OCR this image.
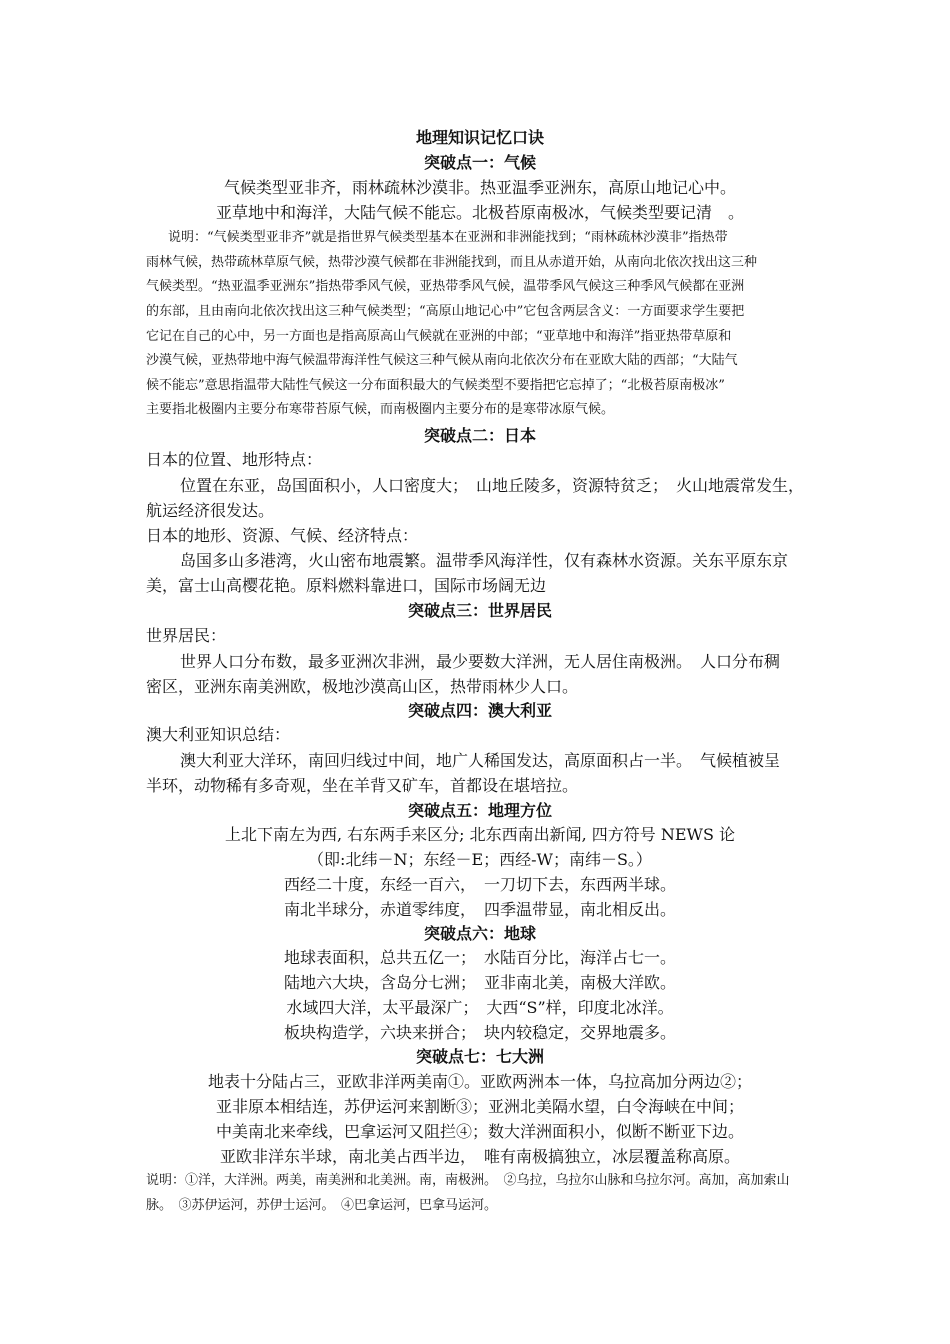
地理知识记忆口诀
突破点一：气候
气候类型亚非齐，雨林疏林沙漠非。热亚温季亚洲东，高原山地记心中。
亚草地中和海洋，大陆气候不能忘。北极苔原南极冰，气候类型要记清　。
说明：“气候类型亚非齐”就是指世界气候类型基本在亚洲和非洲能找到；“雨林疏林沙漠非”指热带
雨林气候，热带疏林草原气候，热带沙漠气候都在非洲能找到，而且从赤道开始，从南向北依次找出这三种
气候类型。“热亚温季亚洲东”指热带季风气候，亚热带季风气候，温带季风气候这三种季风气候都在亚洲
的东部，且由南向北依次找出这三种气候类型；“高原山地记心中”它包含两层含义：一方面要求学生要把
它记在自己的心中，另一方面也是指高原高山气候就在亚洲的中部；“亚草地中和海洋”指亚热带草原和
沙漠气候，亚热带地中海气候温带海洋性气候这三种气候从南向北依次分布在亚欧大陆的西部；“大陆气
候不能忘”意思指温带大陆性气候这一分布面积最大的气候类型不要指把它忘掉了；“北极苔原南极冰”
主要指北极圈内主要分布寒带苔原气候，而南极圈内主要分布的是寒带冰原气候。
突破点二：日本
日本的位置、地形特点：
位置在东亚，岛国面积小，人口密度大；　山地丘陵多，资源特贫乏；　火山地震常发生，
航运经济很发达。
日本的地形、资源、气候、经济特点：
岛国多山多港湾，火山密布地震繁。温带季风海洋性，仅有森林水资源。关东平原东京
美，富士山高樱花艳。原料燃料靠进口，国际市场阔无边
突破点三：世界居民
世界居民：
世界人口分布数，最多亚洲次非洲，最少要数大洋洲，无人居住南极洲。　人口分布稠
密区，亚洲东南美洲欧，极地沙漠高山区，热带雨林少人口。
突破点四：澳大利亚
澳大利亚知识总结：
澳大利亚大洋环，南回归线过中间，地广人稀国发达，高原面积占一半。　气候植被呈
半环，动物稀有多奇观，坐在羊背又矿车，首都设在堪培拉。
突破点五：地理方位
上北下南左为西, 右东两手来区分; 北东西南出新闻, 四方符号 NEWS 论
（即:北纬－N；东经－E；西经-W；南纬－S。）
西经二十度，东经一百六，　一刀切下去，东西两半球。
南北半球分，赤道零纬度，　四季温带显，南北相反出。
突破点六：地球
地球表面积，总共五亿一；　水陆百分比，海洋占七一。
陆地六大块，含岛分七洲；　亚非南北美，南极大洋欧。
水域四大洋，太平最深广；　大西“S”样，印度北冰洋。
板块构造学，六块来拼合；　块内较稳定，交界地震多。
突破点七：七大洲
地表十分陆占三，亚欧非洋两美南①。亚欧两洲本一体，乌拉高加分两边②；
亚非原本相结连，苏伊运河来割断③；亚洲北美隔水望，白令海峡在中间；
中美南北来牵线，巴拿运河又阻拦④；数大洋洲面积小，似断不断亚下边。
亚欧非洋东半球，南北美占西半边，　唯有南极搞独立，冰层覆盖称高原。
说明：①洋，大洋洲。两美，南美洲和北美洲。南，南极洲。　②乌拉，乌拉尔山脉和乌拉尔河。高加，高加索山
脉。　③苏伊运河，苏伊士运河。　④巴拿运河，巴拿马运河。
